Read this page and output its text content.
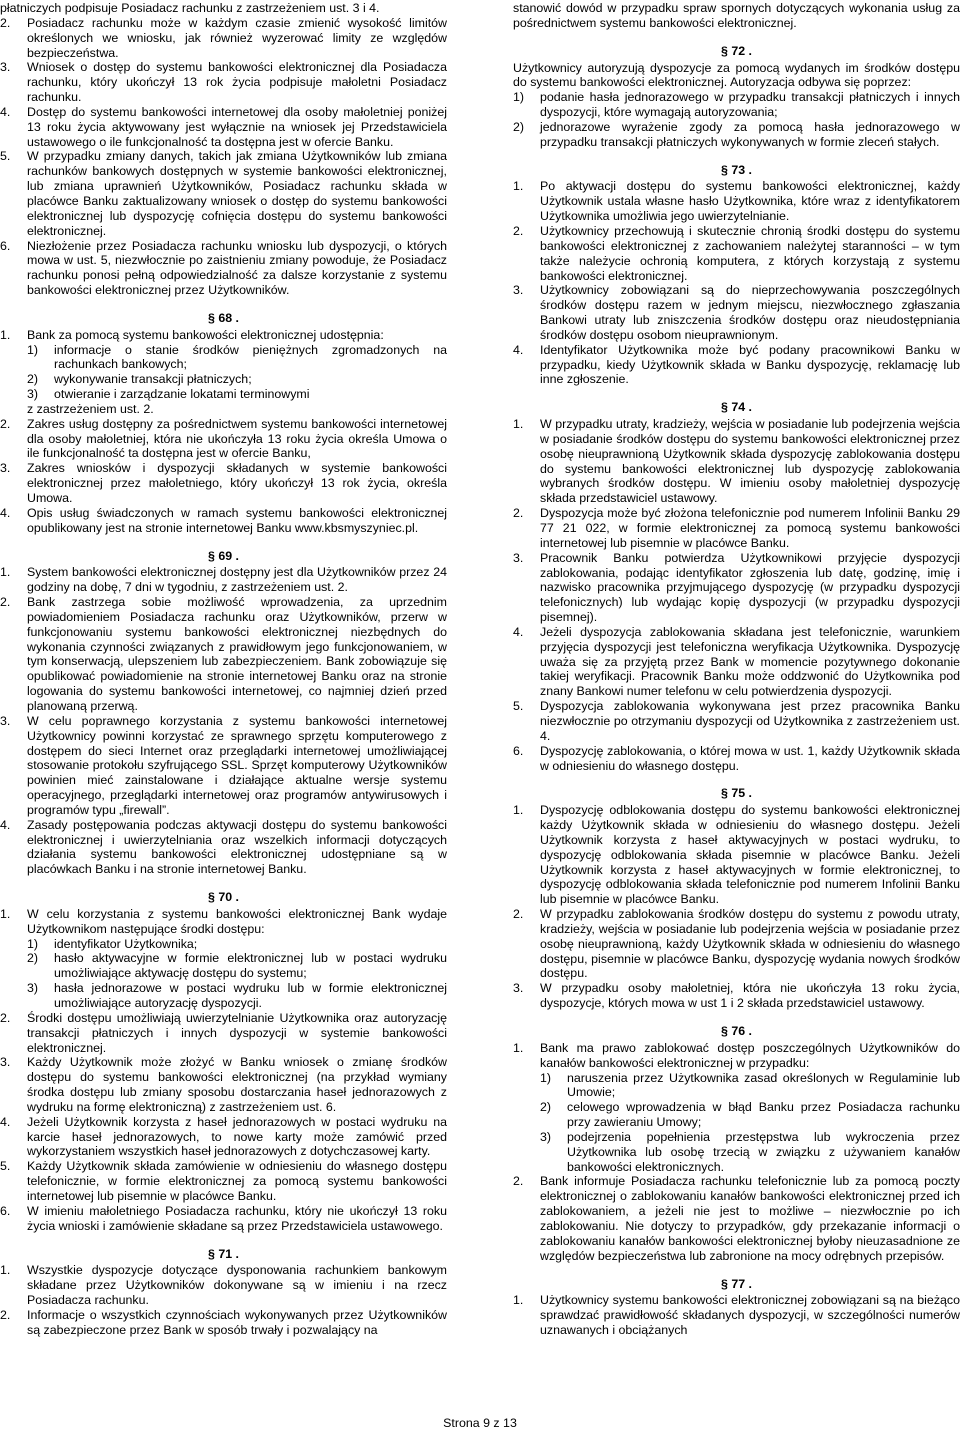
płatniczych podpisuje Posiadacz rachunku z zastrzeżeniem ust. 3 i 4.
2. Posiadacz rachunku może w każdym czasie zmienić wysokość limitów określonych we wniosku, jak również wyzerować limity ze względów bezpieczeństwa.
3. Wniosek o dostęp do systemu bankowości elektronicznej dla Posiadacza rachunku, który ukończył 13 rok życia podpisuje małoletni Posiadacz rachunku.
4. Dostęp do systemu bankowości internetowej dla osoby małoletniej poniżej 13 roku życia aktywowany jest wyłącznie na wniosek jej Przedstawiciela ustawowego o ile funkcjonalność ta dostępna jest w ofercie Banku.
5. W przypadku zmiany danych, takich jak zmiana Użytkowników lub zmiana rachunków bankowych dostępnych w systemie bankowości elektronicznej, lub zmiana uprawnień Użytkowników, Posiadacz rachunku składa w placówce Banku zaktualizowany wniosek o dostęp do systemu bankowości elektronicznej lub dyspozycję cofnięcia dostępu do systemu bankowości elektronicznej.
6. Niezłożenie przez Posiadacza rachunku wniosku lub dyspozycji, o których mowa w ust. 5, niezwłocznie po zaistnieniu zmiany powoduje, że Posiadacz rachunku ponosi pełną odpowiedzialność za dalsze korzystanie z systemu bankowości elektronicznej przez Użytkowników.
§ 68 .
1. Bank za pomocą systemu bankowości elektronicznej udostępnia:
1) informacje o stanie środków pieniężnych zgromadzonych na rachunkach bankowych;
2) wykonywanie transakcji płatniczych;
3) otwieranie i zarządzanie lokatami terminowymi
z zastrzeżeniem ust. 2.
2. Zakres usług dostępny za pośrednictwem systemu bankowości internetowej dla osoby małoletniej, która nie ukończyła 13 roku życia określa Umowa o ile funkcjonalność ta dostępna jest w ofercie Banku,
3. Zakres wniosków i dyspozycji składanych w systemie bankowości elektronicznej przez małoletniego, który ukończył 13 rok życia, określa Umowa.
4. Opis usług świadczonych w ramach systemu bankowości elektronicznej opublikowany jest na stronie internetowej Banku www.kbsmyszyniec.pl.
§ 69 .
1. System bankowości elektronicznej dostępny jest dla Użytkowników przez 24 godziny na dobę, 7 dni w tygodniu, z zastrzeżeniem ust. 2.
2. Bank zastrzega sobie możliwość wprowadzenia, za uprzednim powiadomieniem Posiadacza rachunku oraz Użytkowników, przerw w funkcjonowaniu systemu bankowości elektronicznej niezbędnych do wykonania czynności związanych z prawidłowym jego funkcjonowaniem, w tym konserwacją, ulepszeniem lub zabezpieczeniem. Bank zobowiązuje się opublikować powiadomienie na stronie internetowej Banku oraz na stronie logowania do systemu bankowości internetowej, co najmniej dzień przed planowaną przerwą.
3. W celu poprawnego korzystania z systemu bankowości internetowej Użytkownicy powinni korzystać ze sprawnego sprzętu komputerowego z dostępem do sieci Internet oraz przeglądarki internetowej umożliwiającej stosowanie protokołu szyfrującego SSL. Sprzęt komputerowy Użytkowników powinien mieć zainstalowane i działające aktualne wersje systemu operacyjnego, przeglądarki internetowej oraz programów antywirusowych i programów typu „firewall”.
4. Zasady postępowania podczas aktywacji dostępu do systemu bankowości elektronicznej i uwierzytelniania oraz wszelkich informacji dotyczących działania systemu bankowości elektronicznej udostępniane są w placówkach Banku i na stronie internetowej Banku.
§ 70 .
1. W celu korzystania z systemu bankowości elektronicznej Bank wydaje Użytkownikom następujące środki dostępu:
1) identyfikator Użytkownika;
2) hasło aktywacyjne w formie elektronicznej lub w postaci wydruku umożliwiające aktywację dostępu do systemu;
3) hasła jednorazowe w postaci wydruku lub w formie elektronicznej umożliwiające autoryzację dyspozycji.
2. Środki dostępu umożliwiają uwierzytelnianie Użytkownika oraz autoryzację transakcji płatniczych i innych dyspozycji w systemie bankowości elektronicznej.
3. Każdy Użytkownik może złożyć w Banku wniosek o zmianę środków dostępu do systemu bankowości elektronicznej (na przykład wymiany środka dostępu lub zmiany sposobu dostarczania haseł jednorazowych z wydruku na formę elektroniczną) z zastrzeżeniem ust. 6.
4. Jeżeli Użytkownik korzysta z haseł jednorazowych w postaci wydruku na karcie haseł jednorazowych, to nowe karty może zamówić przed wykorzystaniem wszystkich haseł jednorazowych z dotychczasowej karty.
5. Każdy Użytkownik składa zamówienie w odniesieniu do własnego dostępu telefonicznie, w formie elektronicznej za pomocą systemu bankowości internetowej lub pisemnie w placówce Banku.
6. W imieniu małoletniego Posiadacza rachunku, który nie ukończył 13 roku życia wnioski i zamówienie składane są przez Przedstawiciela ustawowego.
§ 71 .
1. Wszystkie dyspozycje dotyczące dysponowania rachunkiem bankowym składane przez Użytkowników dokonywane są w imieniu i na rzecz Posiadacza rachunku.
2. Informacje o wszystkich czynnościach wykonywanych przez Użytkowników są zabezpieczone przez Bank w sposób trwały i pozwalający na
stanowić dowód w przypadku spraw spornych dotyczących wykonania usług za pośrednictwem systemu bankowości elektronicznej.
§ 72 .
Użytkownicy autoryzują dyspozycje za pomocą wydanych im środków dostępu do systemu bankowości elektronicznej. Autoryzacja odbywa się poprzez:
1) podanie hasła jednorazowego w przypadku transakcji płatniczych i innych dyspozycji, które wymagają autoryzowania;
2) jednorazowe wyrażenie zgody za pomocą hasła jednorazowego w przypadku transakcji płatniczych wykonywanych w formie zleceń stałych.
§ 73 .
1. Po aktywacji dostępu do systemu bankowości elektronicznej, każdy Użytkownik ustala własne hasło Użytkownika, które wraz z identyfikatorem Użytkownika umożliwia jego uwierzytelnianie.
2. Użytkownicy przechowują i skutecznie chronią środki dostępu do systemu bankowości elektronicznej z zachowaniem należytej staranności – w tym także należycie ochronią komputera, z których korzystają z systemu bankowości elektronicznej.
3. Użytkownicy zobowiązani są do nieprzechowywania poszczególnych środków dostępu razem w jednym miejscu, niezwłocznego zgłaszania Bankowi utraty lub zniszczenia środków dostępu oraz nieudostępniania środków dostępu osobom nieuprawnionym.
4. Identyfikator Użytkownika może być podany pracownikowi Banku w przypadku, kiedy Użytkownik składa w Banku dyspozycję, reklamację lub inne zgłoszenie.
§ 74 .
1. W przypadku utraty, kradzieży, wejścia w posiadanie lub podejrzenia wejścia w posiadanie środków dostępu do systemu bankowości elektronicznej przez osobę nieuprawnioną Użytkownik składa dyspozycję zablokowania dostępu do systemu bankowości elektronicznej lub dyspozycję zablokowania wybranych środków dostępu. W imieniu osoby małoletniej dyspozycję składa przedstawiciel ustawowy.
2. Dyspozycja może być złożona telefonicznie pod numerem Infolinii Banku 29 77 21 022, w formie elektronicznej za pomocą systemu bankowości internetowej lub pisemnie w placówce Banku.
3. Pracownik Banku potwierdza Użytkownikowi przyjęcie dyspozycji zablokowania, podając identyfikator zgłoszenia lub datę, godzinę, imię i nazwisko pracownika przyjmującego dyspozycję (w przypadku dyspozycji telefonicznych) lub wydając kopię dyspozycji (w przypadku dyspozycji pisemnej).
4. Jeżeli dyspozycja zablokowania składana jest telefonicznie, warunkiem przyjęcia dyspozycji jest telefoniczna weryfikacja Użytkownika. Dyspozycję uważa się za przyjętą przez Bank w momencie pozytywnego dokonanie takiej weryfikacji. Pracownik Banku może oddzwonić do Użytkownika pod znany Bankowi numer telefonu w celu potwierdzenia dyspozycji.
5. Dyspozycja zablokowania wykonywana jest przez pracownika Banku niezwłocznie po otrzymaniu dyspozycji od Użytkownika z zastrzeżeniem ust. 4.
6. Dyspozycję zablokowania, o której mowa w ust. 1, każdy Użytkownik składa w odniesieniu do własnego dostępu.
§ 75 .
1. Dyspozycję odblokowania dostępu do systemu bankowości elektronicznej każdy Użytkownik składa w odniesieniu do własnego dostępu. Jeżeli Użytkownik korzysta z haseł aktywacyjnych w postaci wydruku, to dyspozycję odblokowania składa pisemnie w placówce Banku. Jeżeli Użytkownik korzysta z haseł aktywacyjnych w formie elektronicznej, to dyspozycję odblokowania składa telefonicznie pod numerem Infolinii Banku lub pisemnie w placówce Banku.
2. W przypadku zablokowania środków dostępu do systemu z powodu utraty, kradzieży, wejścia w posiadanie lub podejrzenia wejścia w posiadanie przez osobę nieuprawnioną, każdy Użytkownik składa w odniesieniu do własnego dostępu, pisemnie w placówce Banku, dyspozycję wydania nowych środków dostępu.
3. W przypadku osoby małoletniej, która nie ukończyła 13 roku życia, dyspozycje, których mowa w ust 1 i 2 składa przedstawiciel ustawowy.
§ 76 .
1. Bank ma prawo zablokować dostęp poszczególnych Użytkowników do kanałów bankowości elektronicznej w przypadku:
1) naruszenia przez Użytkownika zasad określonych w Regulaminie lub Umowie;
2) celowego wprowadzenia w błąd Banku przez Posiadacza rachunku przy zawieraniu Umowy;
3) podejrzenia popełnienia przestępstwa lub wykroczenia przez Użytkownika lub osobę trzecią w związku z używaniem kanałów bankowości elektronicznych.
2. Bank informuje Posiadacza rachunku telefonicznie lub za pomocą poczty elektronicznej o zablokowaniu kanałów bankowości elektronicznej przed ich zablokowaniem, a jeżeli nie jest to możliwe – niezwłocznie po ich zablokowaniu. Nie dotyczy to przypadków, gdy przekazanie informacji o zablokowaniu kanałów bankowości elektronicznej byłoby nieuzasadnione ze względów bezpieczeństwa lub zabronione na mocy odrębnych przepisów.
§ 77 .
1. Użytkownicy systemu bankowości elektronicznej zobowiązani są na bieżąco sprawdzać prawidłowość składanych dyspozycji, w szczególności numerów uznawanych i obciążanych
Strona 9 z 13
